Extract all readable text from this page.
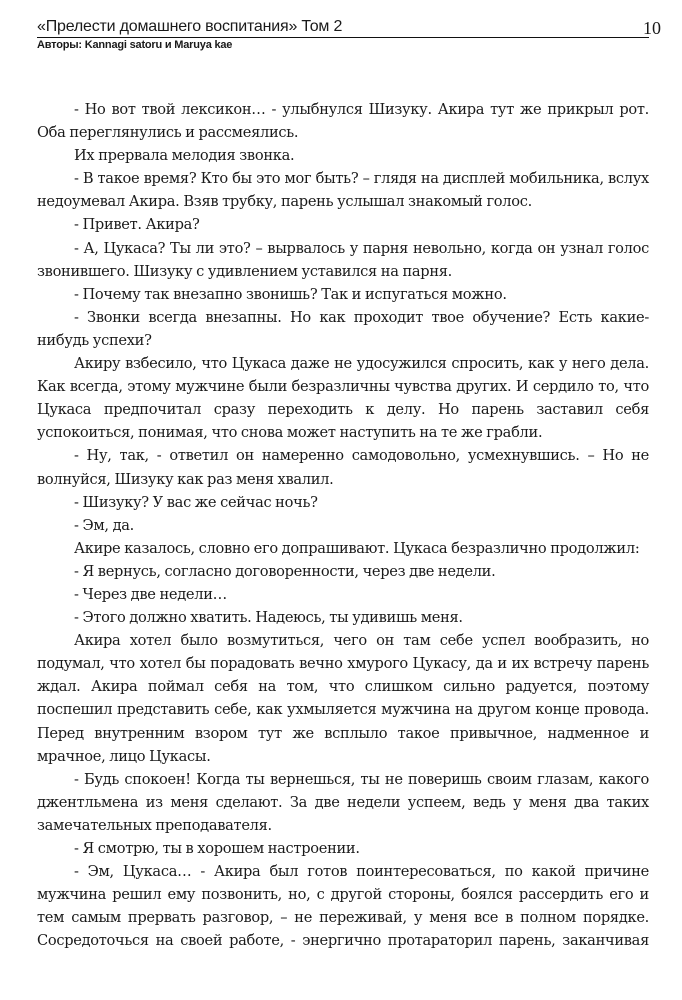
«Прелести домашнего воспитания» Том 2
Авторы: Kannagi satoru и Maruya kae
10

- Но вот твой лексикон… - улыбнулся Шизуку. Акира тут же прикрыл рот. Оба переглянулись и рассмеялись.

Их прервала мелодия звонка.

- В такое время? Кто бы это мог быть? – глядя на дисплей мобильника, вслух недоумевал Акира. Взяв трубку, парень услышал знакомый голос.

- Привет. Акира?

- А, Цукаса? Ты ли это? – вырвалось у парня невольно, когда он узнал голос звонившего. Шизуку с удивлением уставился на парня.

- Почему так внезапно звонишь? Так и испугаться можно.

- Звонки всегда внезапны. Но как проходит твое обучение? Есть какие-нибудь успехи?

Акиру взбесило, что Цукаса даже не удосужился спросить, как у него дела. Как всегда, этому мужчине были безразличны чувства других. И сердило то, что Цукаса предпочитал сразу переходить к делу. Но парень заставил себя успокоиться, понимая, что снова может наступить на те же грабли.

- Ну, так, - ответил он намеренно самодовольно, усмехнувшись. – Но не волнуйся, Шизуку как раз меня хвалил.

- Шизуку? У вас же сейчас ночь?

- Эм, да.

Акире казалось, словно его допрашивают. Цукаса безразлично продолжил:

- Я вернусь, согласно договоренности, через две недели.

- Через две недели…

- Этого должно хватить. Надеюсь, ты удивишь меня.

Акира хотел было возмутиться, чего он там себе успел вообразить, но подумал, что хотел бы порадовать вечно хмурого Цукасу, да и их встречу парень ждал. Акира поймал себя на том, что слишком сильно радуется, поэтому поспешил представить себе, как ухмыляется мужчина на другом конце провода. Перед внутренним взором тут же всплыло такое привычное, надменное и мрачное, лицо Цукасы.

- Будь спокоен! Когда ты вернешься, ты не поверишь своим глазам, какого джентльмена из меня сделают. За две недели успеем, ведь у меня два таких замечательных преподавателя.

- Я смотрю, ты в хорошем настроении.

- Эм, Цукаса… - Акира был готов поинтересоваться, по какой причине мужчина решил ему позвонить, но, с другой стороны, боялся рассердить его и тем самым прервать разговор, – не переживай, у меня все в полном порядке. Сосредоточься на своей работе, - энергично протараторил парень, заканчивая
